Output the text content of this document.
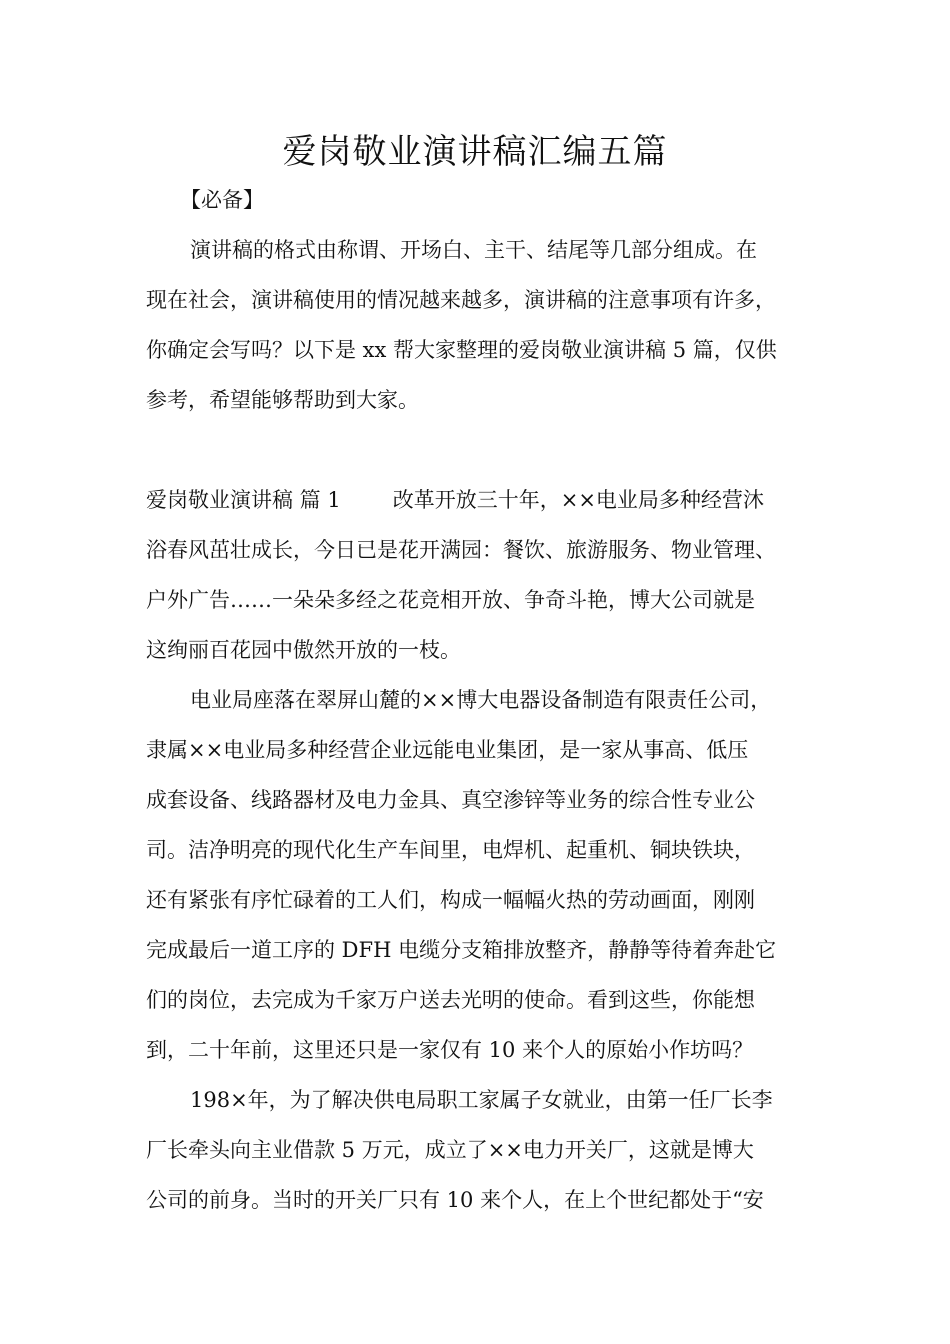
爱岗敬业演讲稿汇编五篇
【必备】
演讲稿的格式由称谓、开场白、主干、结尾等几部分组成。在
现在社会，演讲稿使用的情况越来越多，演讲稿的注意事项有许多，
你确定会写吗？以下是 xx 帮大家整理的爱岗敬业演讲稿 5 篇，仅供
参考，希望能够帮助到大家。
爱岗敬业演讲稿 篇 1 改革开放三十年，××电业局多种经营沐
浴春风茁壮成长，今日已是花开满园：餐饮、旅游服务、物业管理、
户外广告……一朵朵多经之花竞相开放、争奇斗艳，博大公司就是
这绚丽百花园中傲然开放的一枝。
电业局座落在翠屏山麓的××博大电器设备制造有限责任公司，
隶属××电业局多种经营企业远能电业集团，是一家从事高、低压
成套设备、线路器材及电力金具、真空渗锌等业务的综合性专业公
司。洁净明亮的现代化生产车间里，电焊机、起重机、铜块铁块，
还有紧张有序忙碌着的工人们，构成一幅幅火热的劳动画面，刚刚
完成最后一道工序的 DFH 电缆分支箱排放整齐，静静等待着奔赴它
们的岗位，去完成为千家万户送去光明的使命。看到这些，你能想
到，二十年前，这里还只是一家仅有 10 来个人的原始小作坊吗？
198×年，为了解决供电局职工家属子女就业，由第一任厂长李
厂长牵头向主业借款 5 万元，成立了××电力开关厂，这就是博大
公司的前身。当时的开关厂只有 10 来个人，在上个世纪都处于“安
